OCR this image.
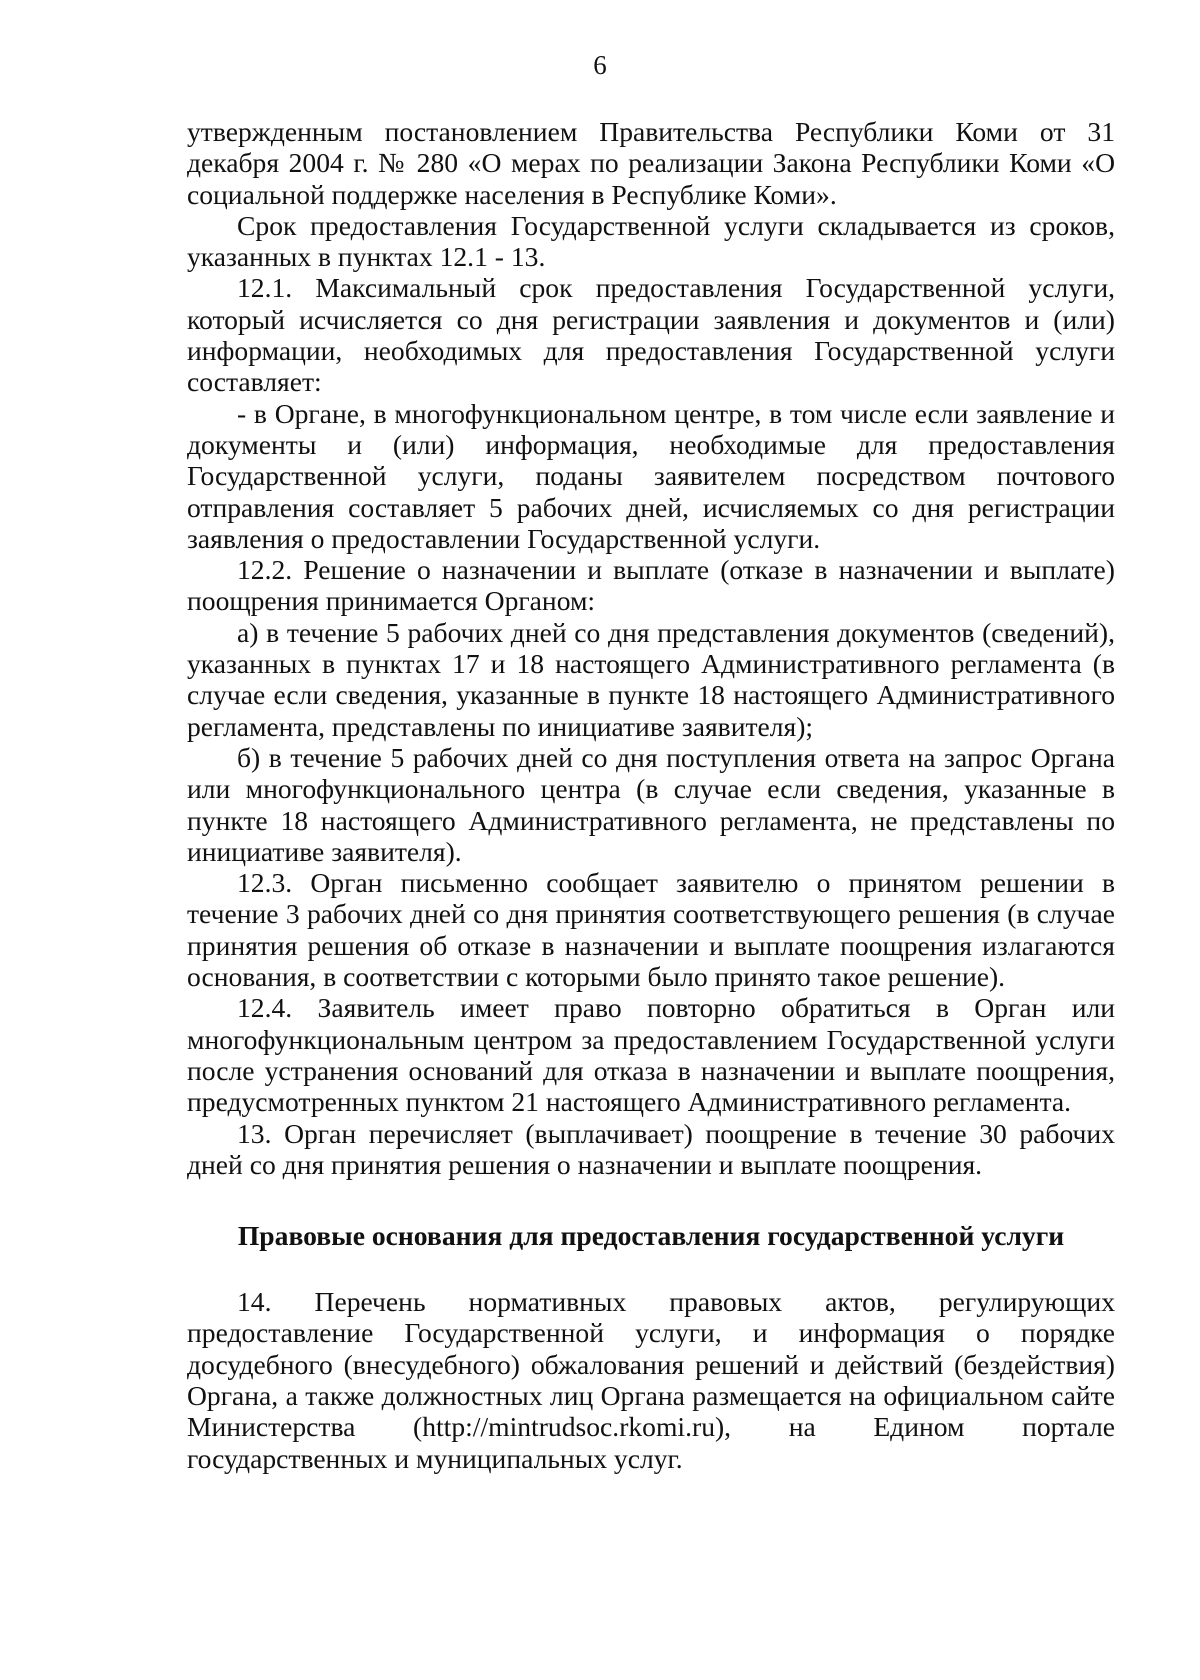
6

утвержденным постановлением Правительства Республики Коми от 31 декабря 2004 г. № 280 «О мерах по реализации Закона Республики Коми «О социальной поддержке населения в Республике Коми».

Срок предоставления Государственной услуги складывается из сроков, указанных в пунктах 12.1 - 13.

12.1. Максимальный срок предоставления Государственной услуги, который исчисляется со дня регистрации заявления и документов и (или) информации, необходимых для предоставления Государственной услуги составляет:

- в Органе, в многофункциональном центре, в том числе если заявление и документы и (или) информация, необходимые для предоставления Государственной услуги, поданы заявителем посредством почтового отправления составляет 5 рабочих дней, исчисляемых со дня регистрации заявления о предоставлении Государственной услуги.

12.2. Решение о назначении и выплате (отказе в назначении и выплате) поощрения принимается Органом:

а) в течение 5 рабочих дней со дня представления документов (сведений), указанных в пунктах 17 и 18 настоящего Административного регламента (в случае если сведения, указанные в пункте 18 настоящего Административного регламента, представлены по инициативе заявителя);

б) в течение 5 рабочих дней со дня поступления ответа на запрос Органа или многофункционального центра (в случае если сведения, указанные в пункте 18 настоящего Административного регламента, не представлены по инициативе заявителя).

12.3. Орган письменно сообщает заявителю о принятом решении в течение 3 рабочих дней со дня принятия соответствующего решения (в случае принятия решения об отказе в назначении и выплате поощрения излагаются основания, в соответствии с которыми было принято такое решение).

12.4. Заявитель имеет право повторно обратиться в Орган или многофункциональным центром за предоставлением Государственной услуги после устранения оснований для отказа в назначении и выплате поощрения, предусмотренных пунктом 21 настоящего Административного регламента.

13. Орган перечисляет (выплачивает) поощрение в течение 30 рабочих дней со дня принятия решения о назначении и выплате поощрения.

Правовые основания для предоставления государственной услуги

14. Перечень нормативных правовых актов, регулирующих предоставление Государственной услуги, и информация о порядке досудебного (внесудебного) обжалования решений и действий (бездействия) Органа, а также должностных лиц Органа размещается на официальном сайте Министерства (http://mintrudsoc.rkomi.ru), на Едином портале государственных и муниципальных услуг.
